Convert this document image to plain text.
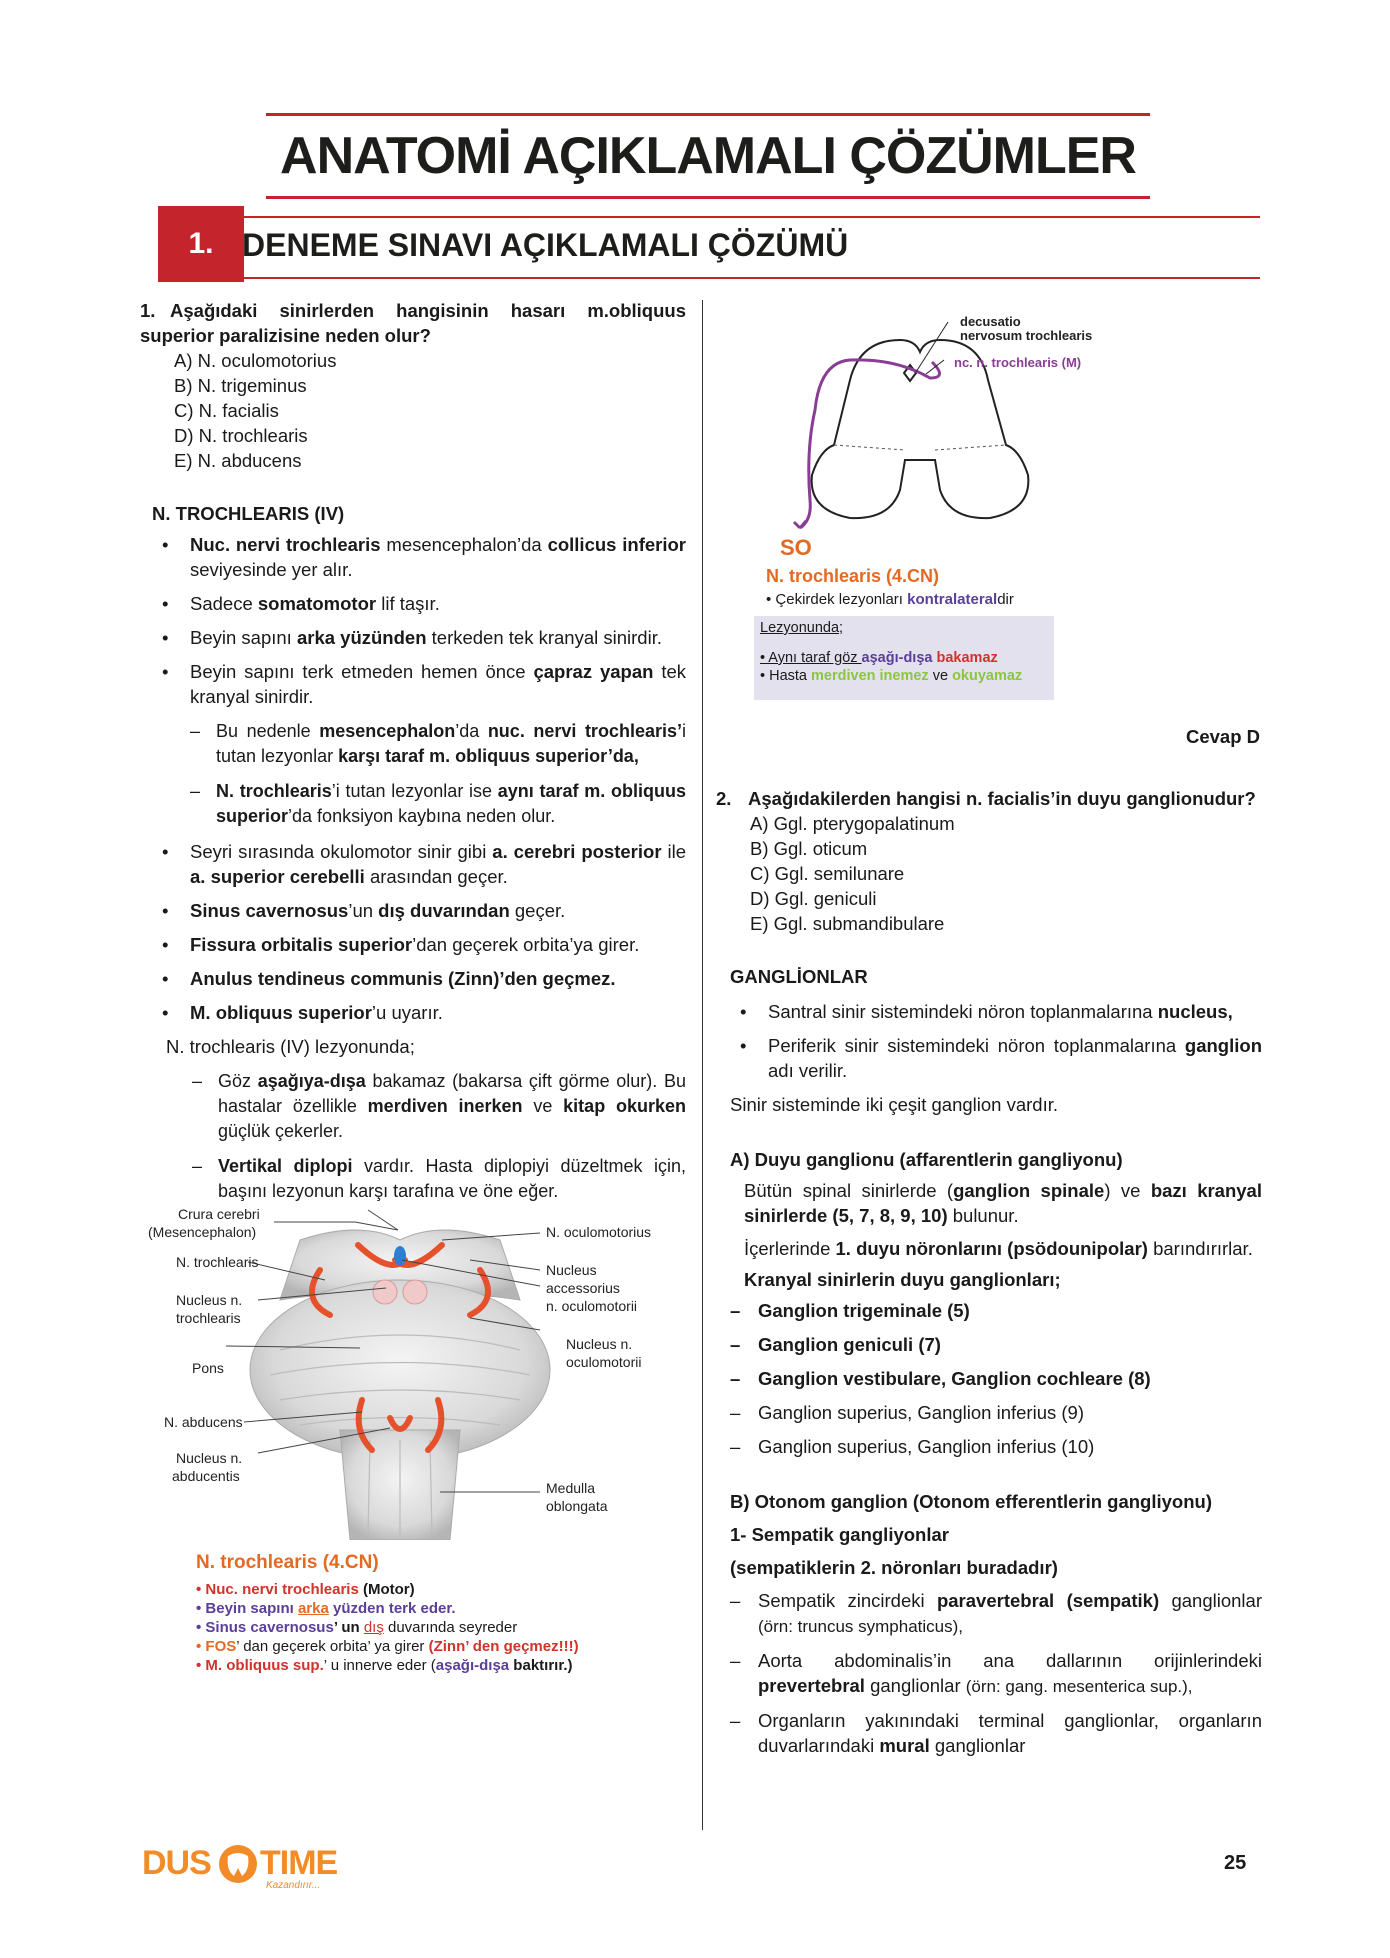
ANATOMİ AÇIKLAMALI ÇÖZÜMLER
1. DENEME SINAVI AÇIKLAMALI ÇÖZÜMÜ
1. Aşağıdaki sinirlerden hangisinin hasarı m.obliquus superior paralizisine neden olur?
A) N. oculomotorius
B) N. trigeminus
C) N. facialis
D) N. trochlearis
E) N. abducens
N. TROCHLEARIS (IV)
• Nuc. nervi trochlearis mesencephalon’da collicus inferior seviyesinde yer alır.
• Sadece somatomotor lif taşır.
• Beyin sapını arka yüzünden terkeden tek kranyal sinirdir.
• Beyin sapını terk etmeden hemen önce çapraz yapan tek kranyal sinirdir.
– Bu nedenle mesencephalon’da nuc. nervi trochlearis’i tutan lezyonlar karşı taraf m. obliquus superior’da,
– N. trochlearis’i tutan lezyonlar ise aynı taraf m. obliquus superior’da fonksiyon kaybına neden olur.
• Seyri sırasında okulomotor sinir gibi a. cerebri posterior ile a. superior cerebelli arasından geçer.
• Sinus cavernosus’un dış duvarından geçer.
• Fissura orbitalis superior’dan geçerek orbita’ya girer.
• Anulus tendineus communis (Zinn)’den geçmez.
• M. obliquus superior’u uyarır.
N. trochlearis (IV) lezyonunda;
– Göz aşağıya-dışa bakamaz (bakarsa çift görme olur). Bu hastalar özellikle merdiven inerken ve kitap okurken güçlük çekerler.
– Vertikal diplopi vardır. Hasta diplopiyi düzeltmek için, başını lezyonun karşı tarafına ve öne eğer.
Crura cerebri
(Mesencephalon)
N. trochlearis
Nucleus n.
trochlearis
Pons
N. abducens
Nucleus n.
abducentis
N. oculomotorius
Nucleus
accessorius
n. oculomotorii
Nucleus n.
oculomotorii
Medulla
oblongata
N. trochlearis (4.CN)
• Nuc. nervi trochlearis (Motor)
• Beyin sapını arka yüzden terk eder.
• Sinus cavernosus’ un dış duvarında seyreder
• FOS’ dan geçerek orbita’ ya girer (Zinn’ den geçmez!!!)
• M. obliquus sup.’ u innerve eder (aşağı-dışa baktırır.)
decusatio
nervosum trochlearis
nc. n. trochlearis (M)
SO
N. trochlearis (4.CN)
• Çekirdek lezyonları kontralateraldir
Lezyonunda;
• Aynı taraf göz aşağı-dışa bakamaz
• Hasta merdiven inemez ve okuyamaz
Cevap D
2. Aşağıdakilerden hangisi n. facialis’in duyu ganglionudur?
A) Ggl. pterygopalatinum
B) Ggl. oticum
C) Ggl. semilunare
D) Ggl. geniculi
E) Ggl. submandibulare
GANGLİONLAR
• Santral sinir sistemindeki nöron toplanmalarına nucleus,
• Periferik sinir sistemindeki nöron toplanmalarına ganglion adı verilir.
Sinir sisteminde iki çeşit ganglion vardır.
A) Duyu ganglionu (affarentlerin gangliyonu)
Bütün spinal sinirlerde (ganglion spinale) ve bazı kranyal sinirlerde (5, 7, 8, 9, 10) bulunur.
İçerlerinde 1. duyu nöronlarını (psödounipolar) barındırırlar.
Kranyal sinirlerin duyu ganglionları;
– Ganglion trigeminale (5)
– Ganglion geniculi (7)
– Ganglion vestibulare, Ganglion cochleare (8)
– Ganglion superius, Ganglion inferius (9)
– Ganglion superius, Ganglion inferius (10)
B) Otonom ganglion (Otonom efferentlerin gangliyonu)
1- Sempatik gangliyonlar
(sempatiklerin 2. nöronları buradadır)
– Sempatik zincirdeki paravertebral (sempatik) ganglionlar (örn: truncus symphaticus),
– Aorta abdominalis’in ana dallarının orijinlerindeki prevertebral ganglionlar (örn: gang. mesenterica sup.),
– Organların yakınındaki terminal ganglionlar, organların duvarlarındaki mural ganglionlar
DUS TIME
Kazandırır...
25
